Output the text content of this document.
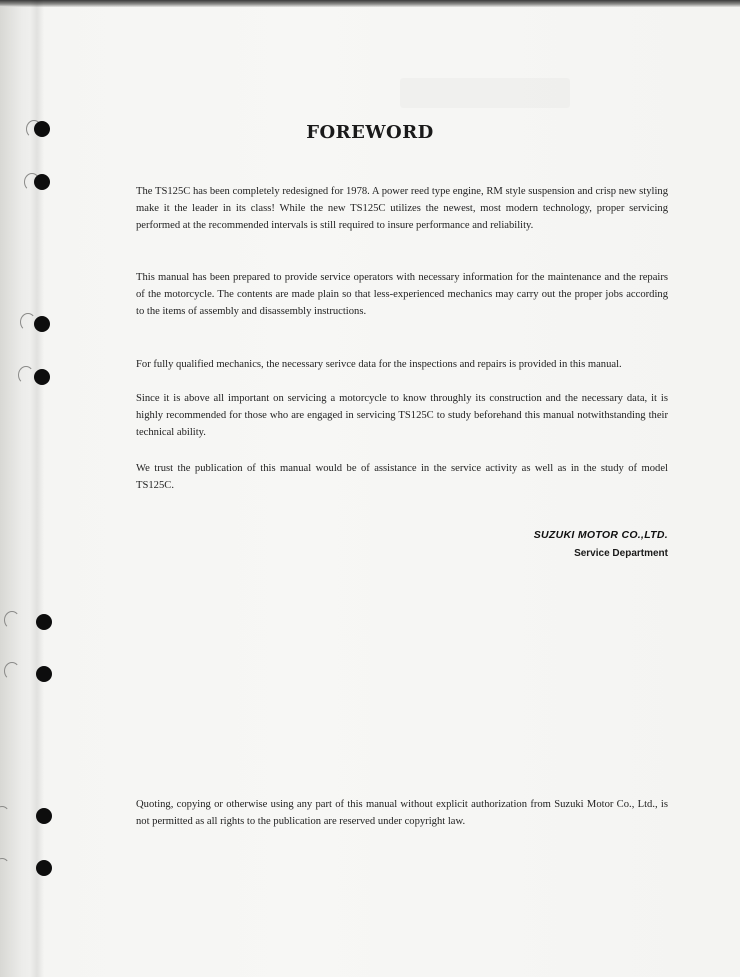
FOREWORD

The TS125C has been completely redesigned for 1978. A power reed type engine, RM style suspension and crisp new styling make it the leader in its class! While the new TS125C utilizes the newest, most modern technology, proper servicing performed at the recommended intervals is still required to insure performance and reliability.

This manual has been prepared to provide service operators with necessary information for the maintenance and the repairs of the motorcycle. The contents are made plain so that less-experienced mechanics may carry out the proper jobs according to the items of assembly and disassembly instructions.

For fully qualified mechanics, the necessary serivce data for the inspections and repairs is provided in this manual.

Since it is above all important on servicing a motorcycle to know throughly its construction and the necessary data, it is highly recommended for those who are engaged in servicing TS125C to study beforehand this manual notwithstanding their technical ability.

We trust the publication of this manual would be of assistance in the service activity as well as in the study of model TS125C.

SUZUKI MOTOR CO.,LTD.
Service Department

Quoting, copying or otherwise using any part of this manual without explicit authorization from Suzuki Motor Co., Ltd., is not permitted as all rights to the publication are reserved under copyright law.
